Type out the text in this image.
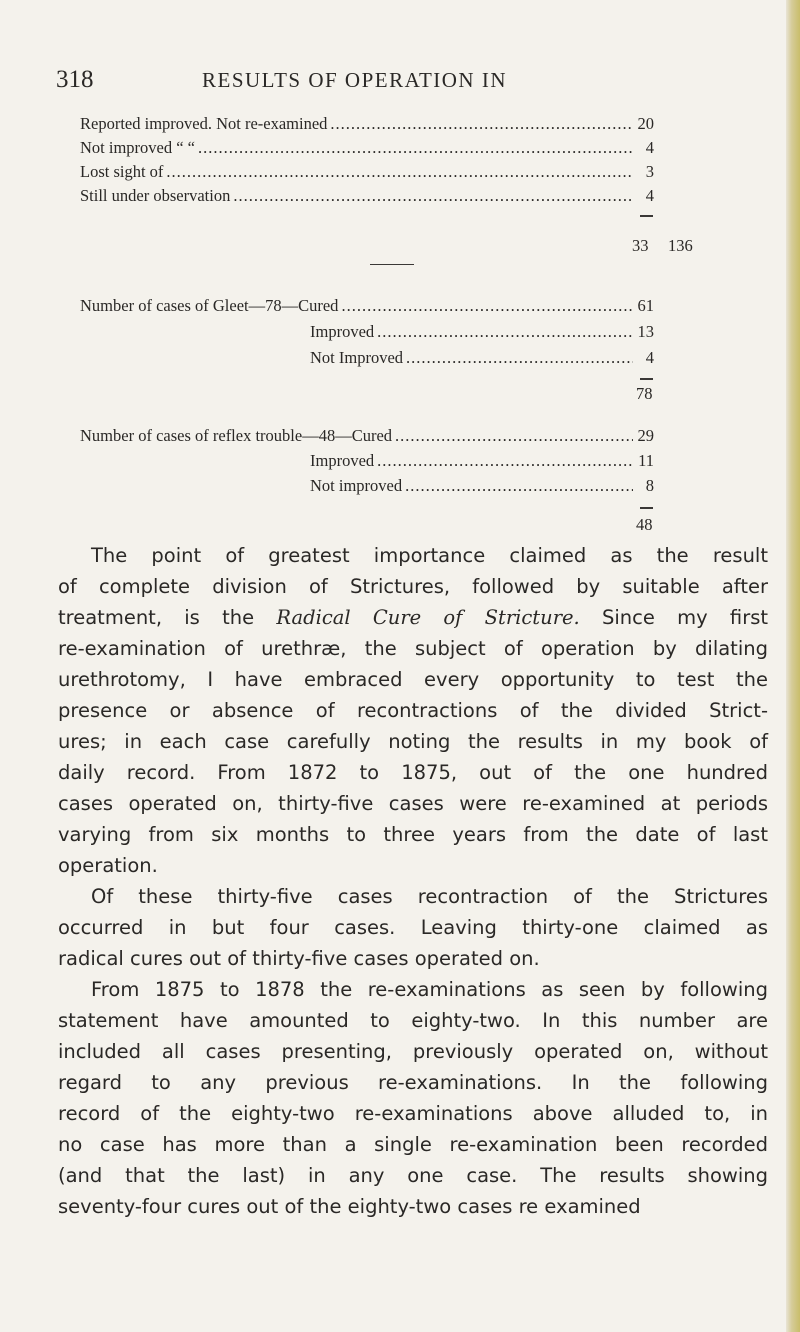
318	RESULTS OF OPERATION IN
Reported improved. Not re-examined .....	20
Not improved “ “ .....	4
Lost sight of .....	3
Still under observation .....	4
33 136
Number of cases of Gleet—78—Cured .....	61
Improved .....	13
Not Improved .....	4
78
Number of cases of reflex trouble—48—Cured .....	29
Improved .....	11
Not improved .....	8
48
The point of greatest importance claimed as the result
of complete division of Strictures, followed by suitable after
treatment, is the Radical Cure of Stricture. Since my first
re-examination of urethræ, the subject of operation by dilating
urethrotomy, I have embraced every opportunity to test the
presence or absence of recontractions of the divided Strict-
ures; in each case carefully noting the results in my book of
daily record. From 1872 to 1875, out of the one hundred
cases operated on, thirty-five cases were re-examined at periods
varying from six months to three years from the date of last
operation.
Of these thirty-five cases recontraction of the Strictures
occurred in but four cases. Leaving thirty-one claimed as
radical cures out of thirty-five cases operated on.
From 1875 to 1878 the re-examinations as seen by following
statement have amounted to eighty-two. In this number are
included all cases presenting, previously operated on, without
regard to any previous re-examinations. In the following
record of the eighty-two re-examinations above alluded to, in
no case has more than a single re-examination been recorded
(and that the last) in any one case. The results showing
seventy-four cures out of the eighty-two cases re examined
